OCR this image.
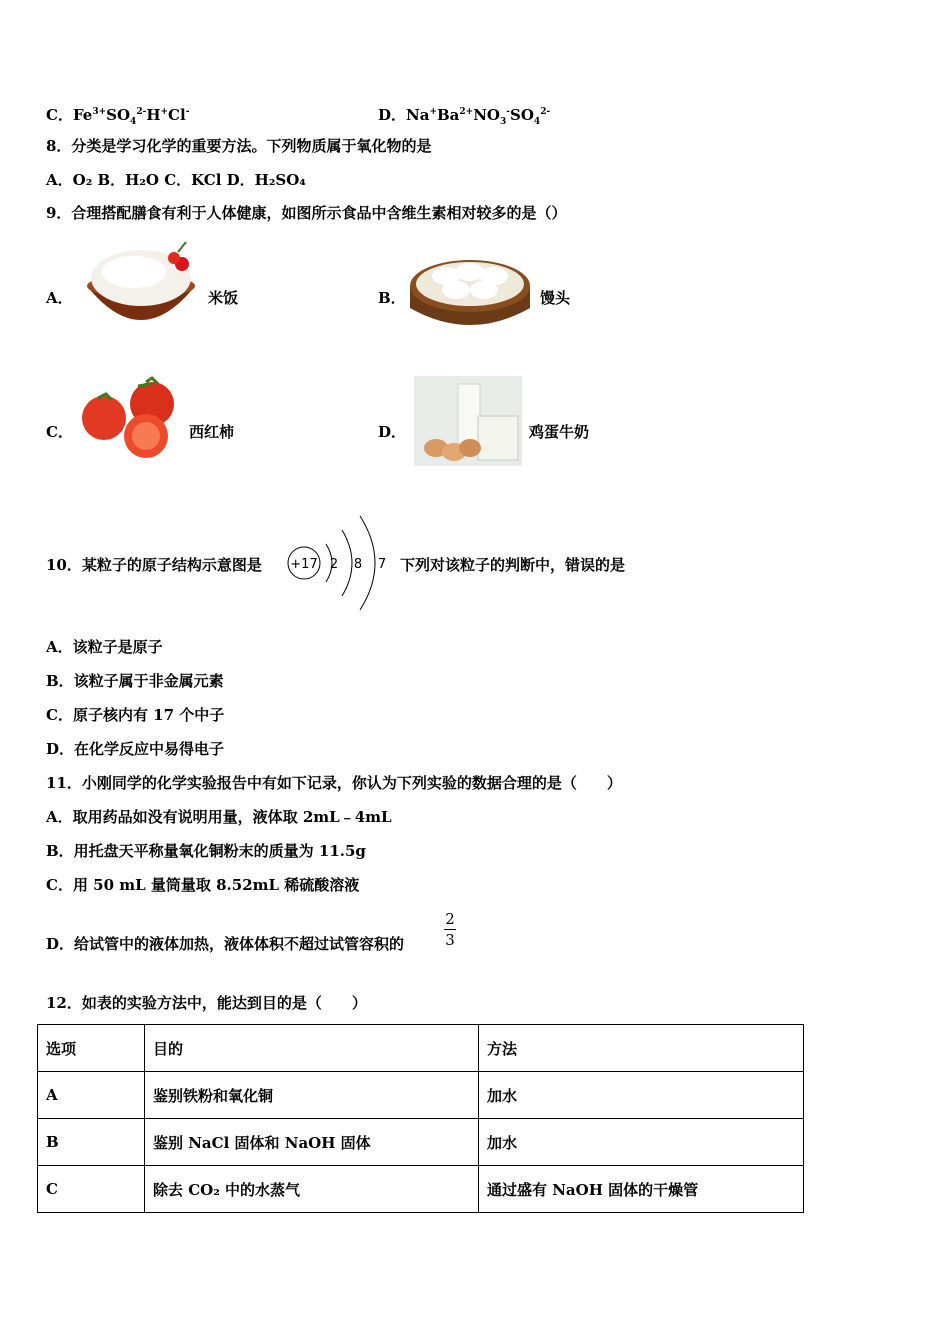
C．$Fe^{3+}SO_4^{2-}H^+Cl^-$	D．$Na^+Ba^{2+}NO_3^-SO_4^{2-}$
8．分类是学习化学的重要方法。下列物质属于氧化物的是
A．O₂ B．H₂O C．KCl D．H₂SO₄
9．合理搭配膳食有利于人体健康，如图所示食品中含维生素相对较多的是（）
A．	米饭	B．	馒头
C．	西红柿	D．	鸡蛋牛奶
10．某粒子的原子结构示意图是 +17 2 8 7 下列对该粒子的判断中，错误的是
A．该粒子是原子
B．该粒子属于非金属元素
C．原子核内有 17 个中子
D．在化学反应中易得电子
11．小刚同学的化学实验报告中有如下记录，你认为下列实验的数据合理的是（　　）
A．取用药品如没有说明用量，液体取 2mL﹣4mL
B．用托盘天平称量氧化铜粉末的质量为 11.5g
C．用 50 mL 量筒量取 8.52mL 稀硫酸溶液
D．给试管中的液体加热，液体体积不超过试管容积的
2
3
12．如表的实验方法中，能达到目的是（　　）
选项	目的	方法
A	鉴别铁粉和氧化铜	加水
B	鉴别 NaCl 固体和 NaOH 固体	加水
C	除去 CO₂ 中的水蒸气	通过盛有 NaOH 固体的干燥管
